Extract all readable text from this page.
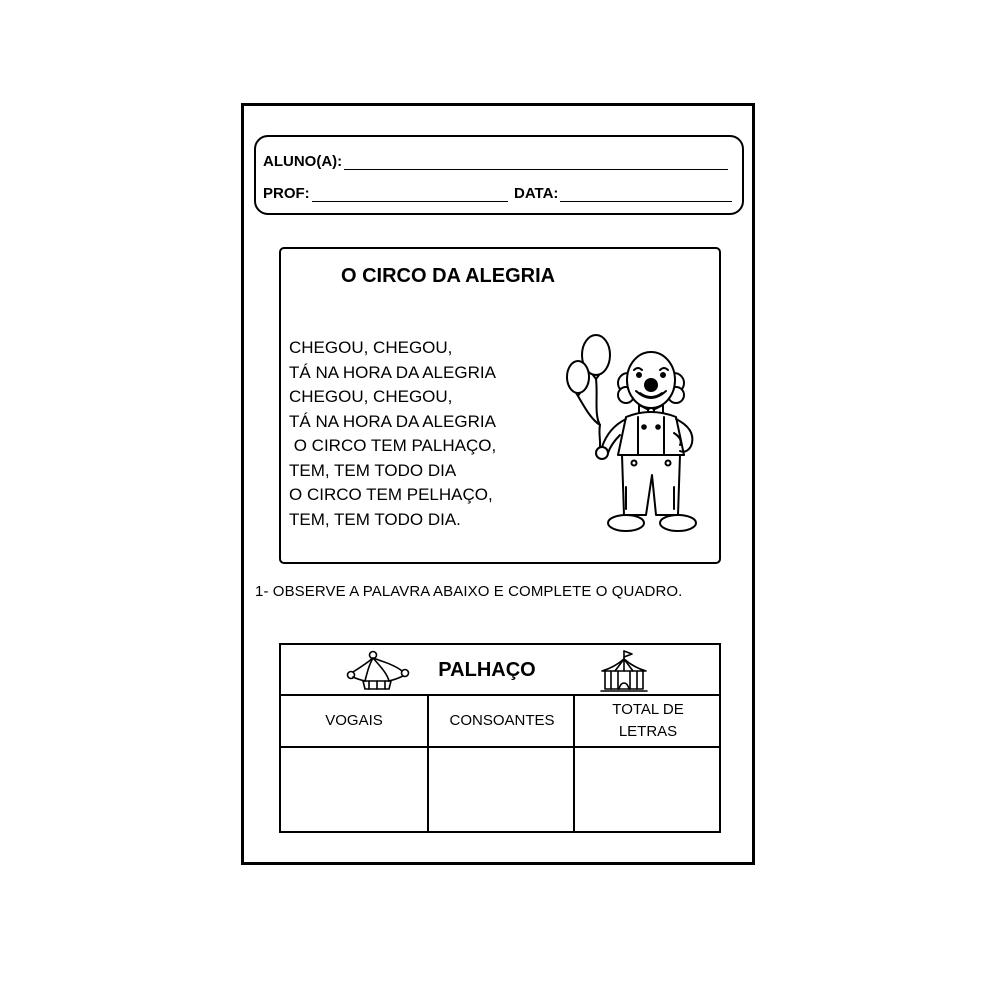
ALUNO(A):
PROF:	DATA:
O CIRCO DA ALEGRIA
CHEGOU, CHEGOU,
TÁ NA HORA DA ALEGRIA
CHEGOU, CHEGOU,
TÁ NA HORA DA ALEGRIA
O CIRCO TEM PALHAÇO,
TEM, TEM TODO DIA
O CIRCO TEM PELHAÇO,
TEM, TEM TODO DIA.
1- OBSERVE A PALAVRA ABAIXO E COMPLETE O QUADRO.
PALHAÇO
VOGAIS	CONSOANTES
TOTAL DE
LETRAS
